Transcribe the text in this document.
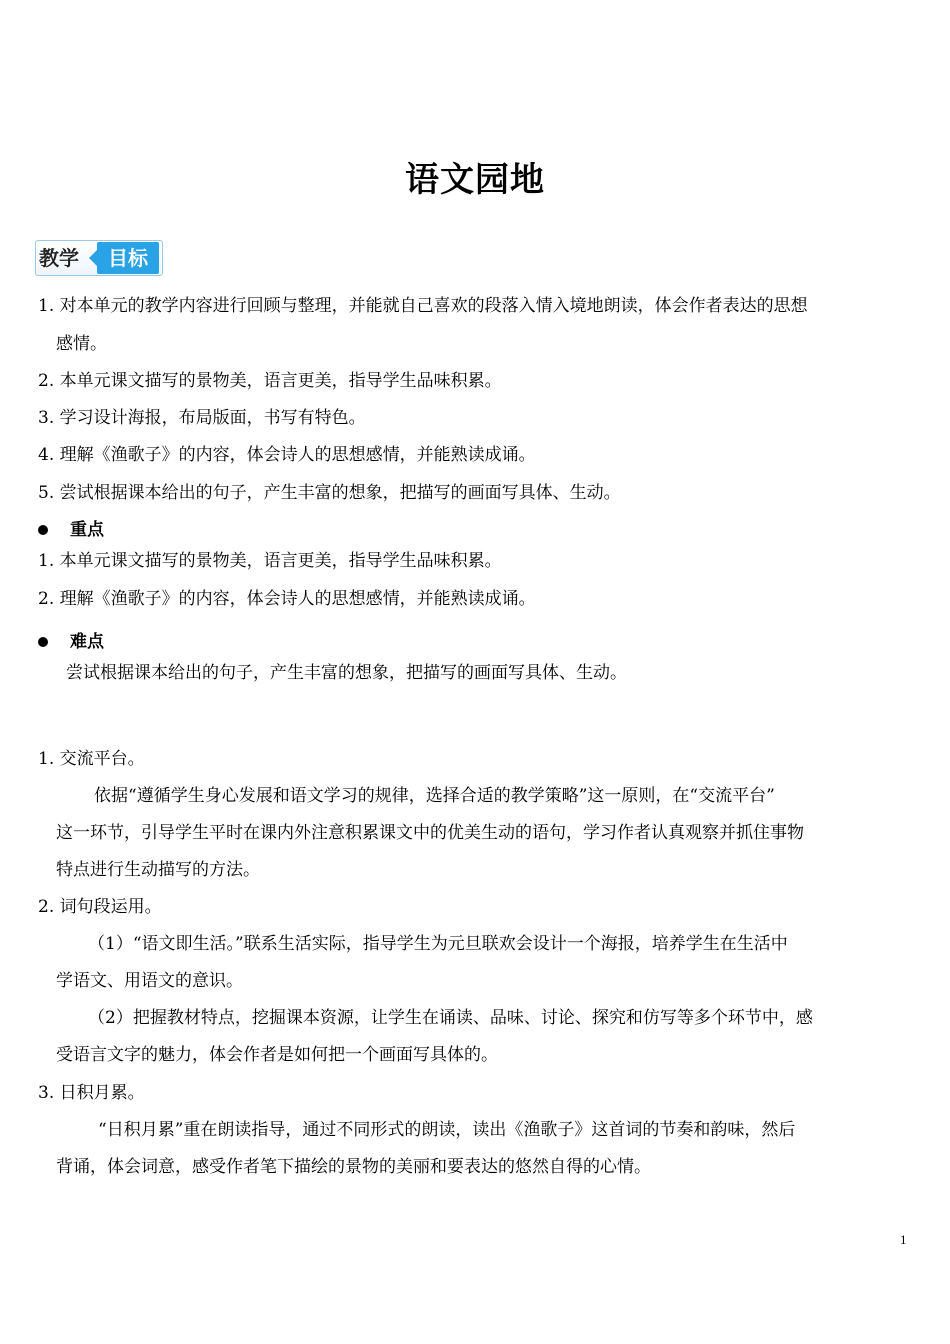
语文园地
教学	目标
1. 对本单元的教学内容进行回顾与整理，并能就自己喜欢的段落入情入境地朗读，体会作者表达的思想
感情。
2. 本单元课文描写的景物美，语言更美，指导学生品味积累。
3. 学习设计海报，布局版面，书写有特色。
4. 理解《渔歌子》的内容，体会诗人的思想感情，并能熟读成诵。
5. 尝试根据课本给出的句子，产生丰富的想象，把描写的画面写具体、生动。
重点
1. 本单元课文描写的景物美，语言更美，指导学生品味积累。
2. 理解《渔歌子》的内容，体会诗人的思想感情，并能熟读成诵。
难点
尝试根据课本给出的句子，产生丰富的想象，把描写的画面写具体、生动。
1. 交流平台。
依据“遵循学生身心发展和语文学习的规律，选择合适的教学策略”这一原则，在“交流平台”
这一环节，引导学生平时在课内外注意积累课文中的优美生动的语句，学习作者认真观察并抓住事物
特点进行生动描写的方法。
2. 词句段运用。
（1）“语文即生活。”联系生活实际，指导学生为元旦联欢会设计一个海报，培养学生在生活中
学语文、用语文的意识。
（2）把握教材特点，挖掘课本资源，让学生在诵读、品味、讨论、探究和仿写等多个环节中，感
受语言文字的魅力，体会作者是如何把一个画面写具体的。
3. 日积月累。
“日积月累”重在朗读指导，通过不同形式的朗读，读出《渔歌子》这首词的节奏和韵味，然后
背诵，体会词意，感受作者笔下描绘的景物的美丽和要表达的悠然自得的心情。
1
